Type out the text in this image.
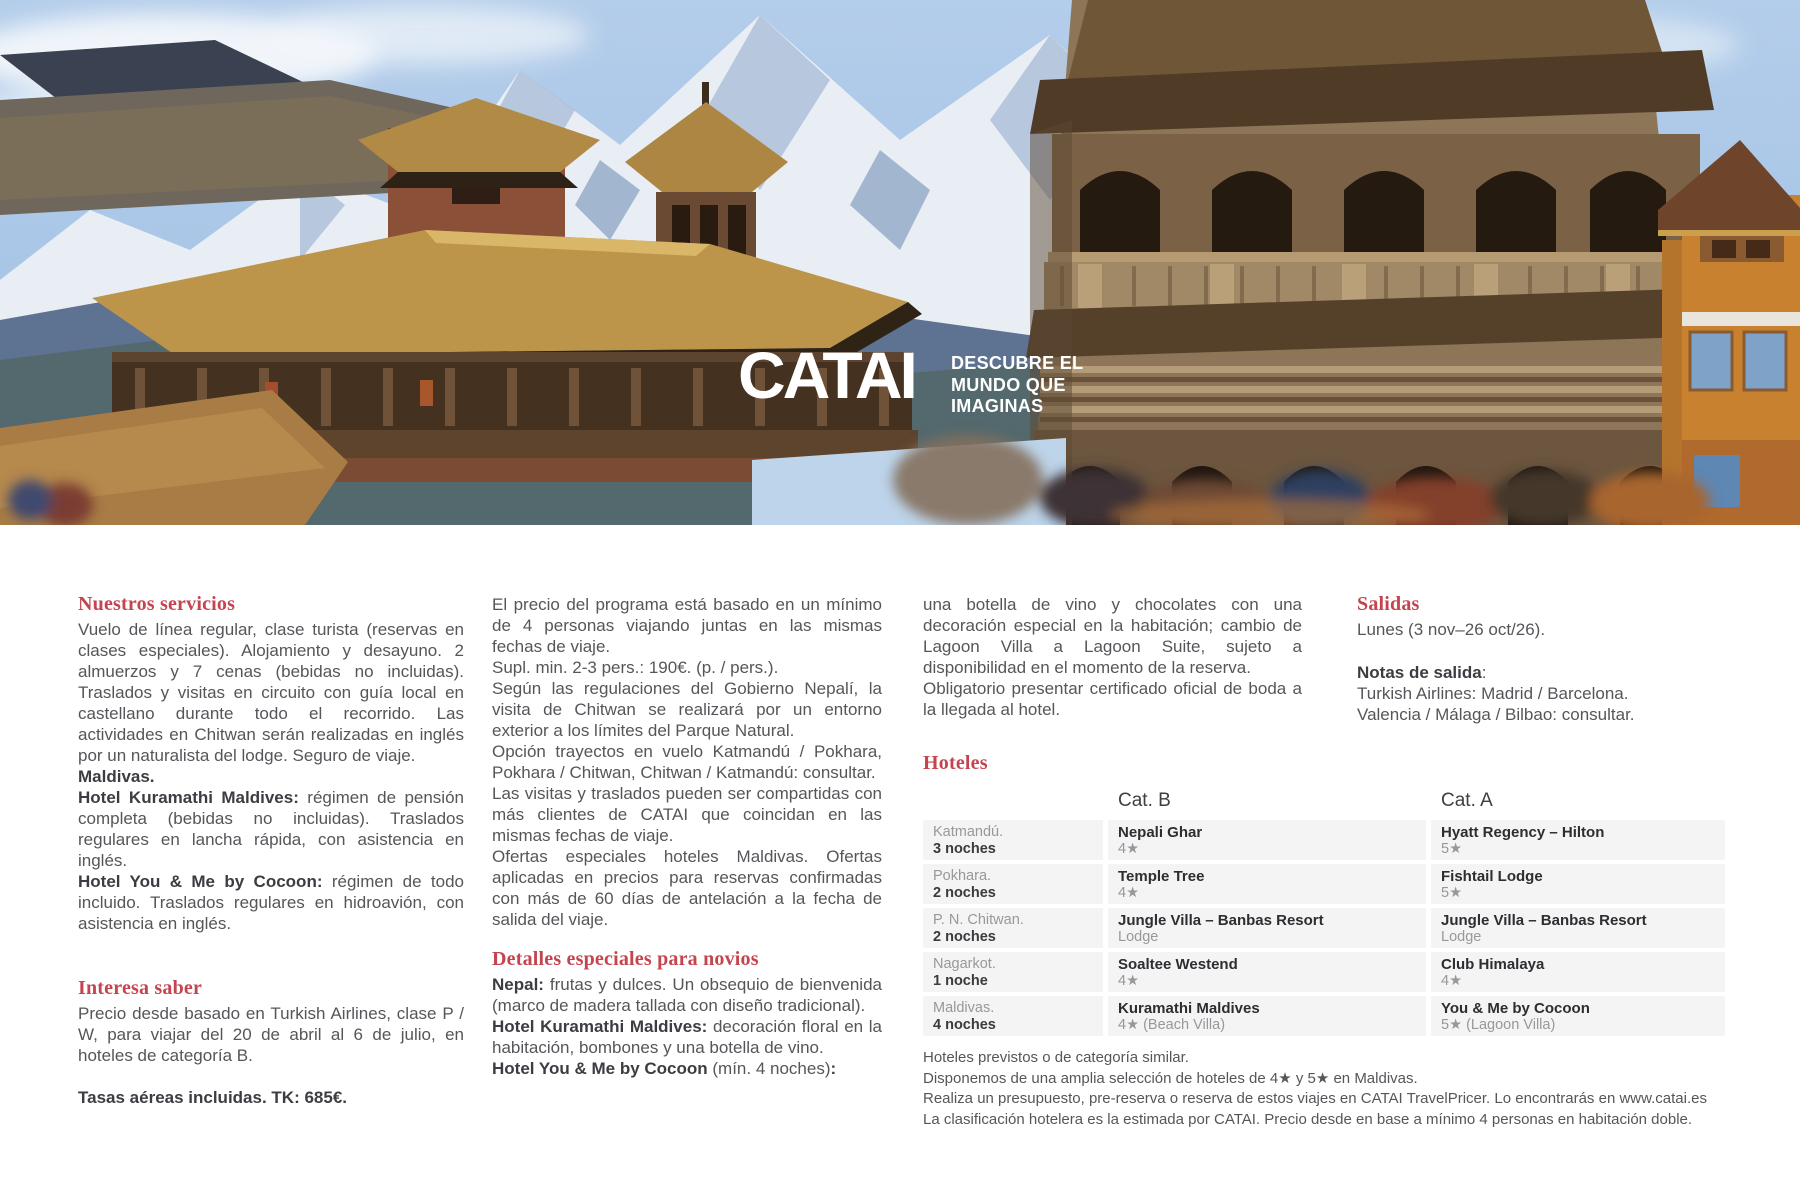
CATAI DESCUBRE EL
MUNDO QUE
IMAGINAS
Nuestros servicios

Vuelo de línea regular, clase turista (reservas en clases especiales). Alojamiento y desayuno. 2 almuerzos y 7 cenas (bebidas no incluidas). Traslados y visitas en circuito con guía local en castellano durante todo el recorrido. Las actividades en Chitwan serán realizadas en inglés por un naturalista del lodge. Seguro de viaje.

Maldivas.

Hotel Kuramathi Maldives: régimen de pensión completa (bebidas no incluidas). Traslados regulares en lancha rápida, con asistencia en inglés.

Hotel You & Me by Cocoon: régimen de todo incluido. Traslados regulares en hidroavión, con asistencia en inglés.

Interesa saber

Precio desde basado en Turkish Airlines, clase P / W, para viajar del 20 de abril al 6 de julio, en hoteles de categoría B.

Tasas aéreas incluidas. TK: 685€.

El precio del programa está basado en un mínimo de 4 personas viajando juntas en las mismas fechas de viaje.

Supl. min. 2-3 pers.: 190€. (p. / pers.).

Según las regulaciones del Gobierno Nepalí, la visita de Chitwan se realizará por un entorno exterior a los límites del Parque Natural.

Opción trayectos en vuelo Katmandú / Pokhara, Pokhara / Chitwan, Chitwan / Katmandú: consultar.

Las visitas y traslados pueden ser compartidas con más clientes de CATAI que coincidan en las mismas fechas de viaje.

Ofertas especiales hoteles Maldivas. Ofertas aplicadas en precios para reservas confirmadas con más de 60 días de antelación a la fecha de salida del viaje.

Detalles especiales para novios

Nepal: frutas y dulces. Un obsequio de bienvenida (marco de madera tallada con diseño tradicional).

Hotel Kuramathi Maldives: decoración floral en la habitación, bombones y una botella de vino.

Hotel You & Me by Cocoon (mín. 4 noches):

una botella de vino y chocolates con una decoración especial en la habitación; cambio de Lagoon Villa a Lagoon Suite, sujeto a disponibilidad en el momento de la reserva.

Obligatorio presentar certificado oficial de boda a la llegada al hotel.

Salidas

Lunes (3 nov–26 oct/26).

Notas de salida:

Turkish Airlines: Madrid / Barcelona.

Valencia / Málaga / Bilbao: consultar.

Hoteles
Cat. B	Cat. A
Katmandú.
3 noches
Nepali Ghar
4★
Hyatt Regency – Hilton
5★
Pokhara.
2 noches
Temple Tree
4★
Fishtail Lodge
5★
P. N. Chitwan.
2 noches
Jungle Villa – Banbas Resort
Lodge
Jungle Villa – Banbas Resort
Lodge
Nagarkot.
1 noche
Soaltee Westend
4★
Club Himalaya
4★
Maldivas.
4 noches
Kuramathi Maldives
4★ (Beach Villa)
You & Me by Cocoon
5★ (Lagoon Villa)
Hoteles previstos o de categoría similar.
Disponemos de una amplia selección de hoteles de 4★ y 5★ en Maldivas.
Realiza un presupuesto, pre-reserva o reserva de estos viajes en CATAI TravelPricer. Lo encontrarás en www.catai.es
La clasificación hotelera es la estimada por CATAI. Precio desde en base a mínimo 4 personas en habitación doble.
